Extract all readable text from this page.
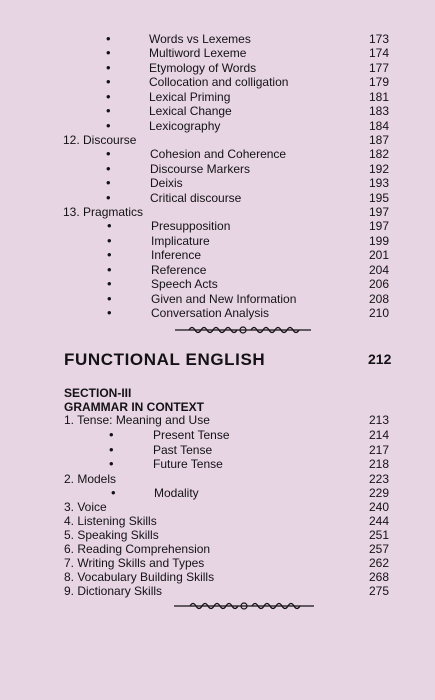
•	Words vs Lexemes	173
•	Multiword Lexeme	174
•	Etymology of Words	177
•	Collocation and colligation	179
•	Lexical Priming	181
•	Lexical Change	183
•	Lexicography	184
12. Discourse	187
•	Cohesion and Coherence	182
•	Discourse Markers	192
•	Deixis	193
•	Critical discourse	195
13. Pragmatics	197
•	Presupposition	197
•	Implicature	199
•	Inference	201
•	Reference	204
•	Speech Acts	206
•	Given and New Information	208
•	Conversation Analysis	210
FUNCTIONAL ENGLISH	212
SECTION-III
GRAMMAR IN CONTEXT
1. Tense: Meaning and Use	213
•	Present Tense	214
•	Past Tense	217
•	Future Tense	218
2. Models	223
•	Modality	229
3. Voice	240
4. Listening Skills	244
5. Speaking Skills	251
6. Reading Comprehension	257
7. Writing Skills and Types	262
8. Vocabulary Building Skills	268
9. Dictionary Skills	275
